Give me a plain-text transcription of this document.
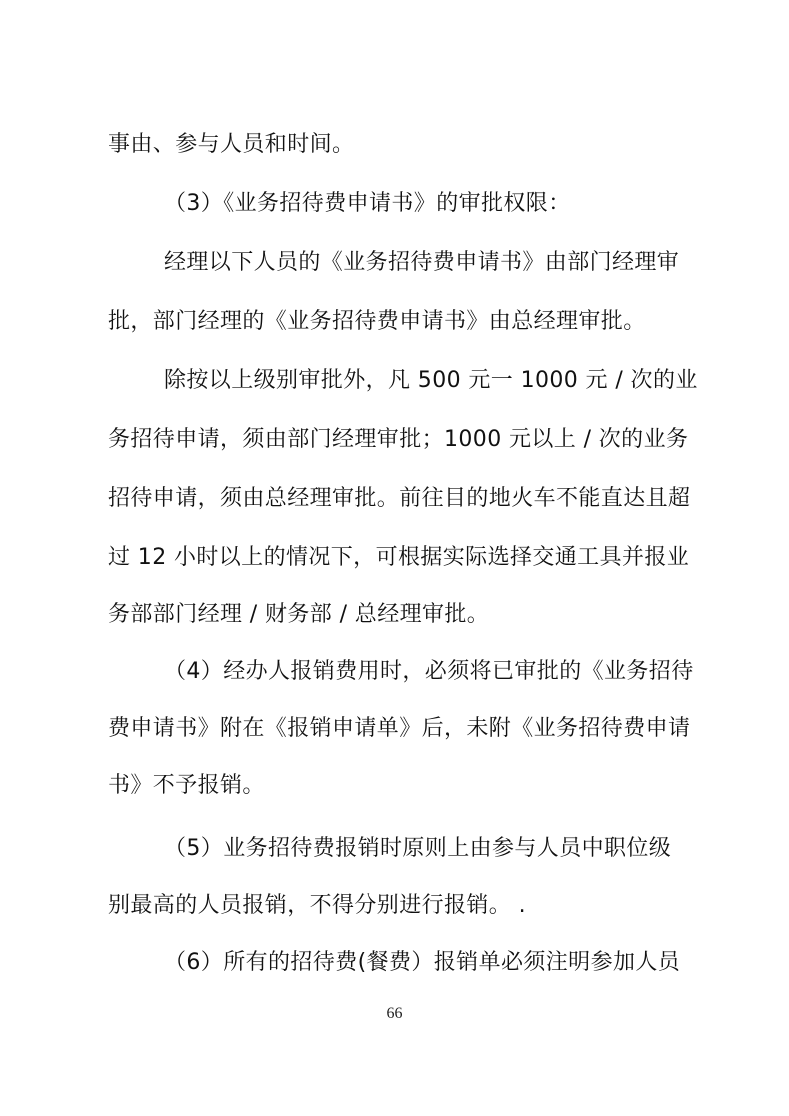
事由、参与人员和时间。
（3）《业务招待费申请书》的审批权限：
经理以下人员的《业务招待费申请书》由部门经理审
批，部门经理的《业务招待费申请书》由总经理审批。
除按以上级别审批外，凡 500 元一 1000 元 / 次的业
务招待申请，须由部门经理审批；1000 元以上 / 次的业务
招待申请，须由总经理审批。前往目的地火车不能直达且超
过 12 小时以上的情况下，可根据实际选择交通工具并报业
务部部门经理 / 财务部 / 总经理审批。
（4）经办人报销费用时，必须将已审批的《业务招待
费申请书》附在《报销申请单》后，未附《业务招待费申请
书》不予报销。
（5）业务招待费报销时原则上由参与人员中职位级
别最高的人员报销，不得分别进行报销。 .
（6）所有的招待费(餐费）报销单必须注明参加人员
66
